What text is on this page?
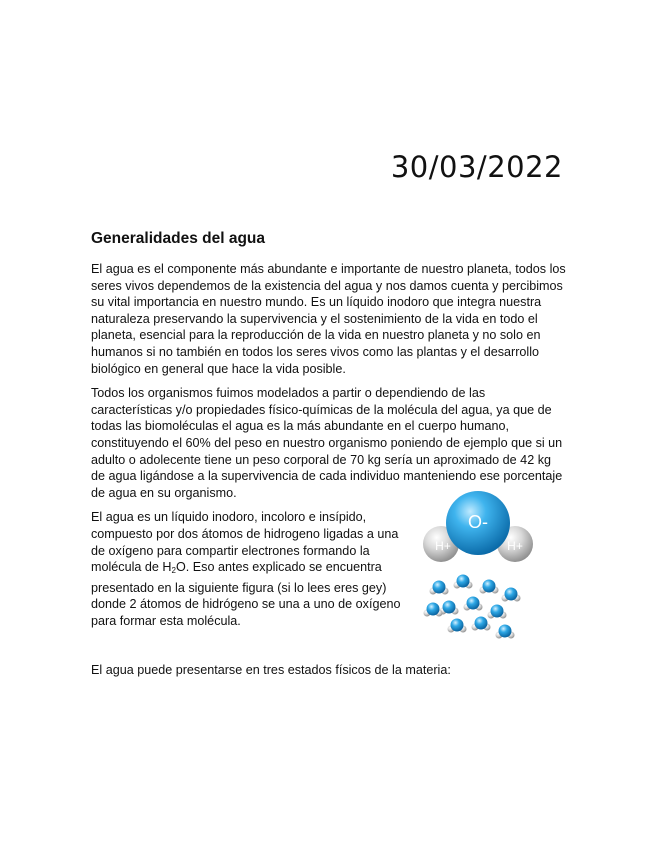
30/03/2022
Generalidades del agua

El agua es el componente más abundante e importante de nuestro planeta, todos los seres vivos dependemos de la existencia del agua y nos damos cuenta y percibimos su vital importancia en nuestro mundo. Es un líquido inodoro que integra nuestra naturaleza preservando la supervivencia y el sostenimiento de la vida en todo el planeta, esencial para la reproducción de la vida en nuestro planeta y no solo en humanos si no también en todos los seres vivos como las plantas y el desarrollo biológico en general que hace la vida posible.

Todos los organismos fuimos modelados a partir o dependiendo de las características y/o propiedades físico-químicas de la molécula del agua, ya que de todas las biomoléculas el agua es la más abundante en el cuerpo humano, constituyendo el 60% del peso en nuestro organismo poniendo de ejemplo que si un adulto o adolecente tiene un peso corporal de 70 kg sería un aproximado de 42 kg de agua ligándose a la supervivencia de cada individuo manteniendo ese porcentaje de agua en su organismo.

El agua es un líquido inodoro, incoloro e insípido, compuesto por dos átomos de hidrogeno ligadas a una de oxígeno para compartir electrones formando la molécula de $H_2O$. Eso antes explicado se encuentra presentado en la siguiente figura (si lo lees eres gey) donde 2 átomos de hidrógeno se una a uno de oxígeno para formar esta molécula.

O-
H+	H+
El agua puede presentarse en tres estados físicos de la materia:
